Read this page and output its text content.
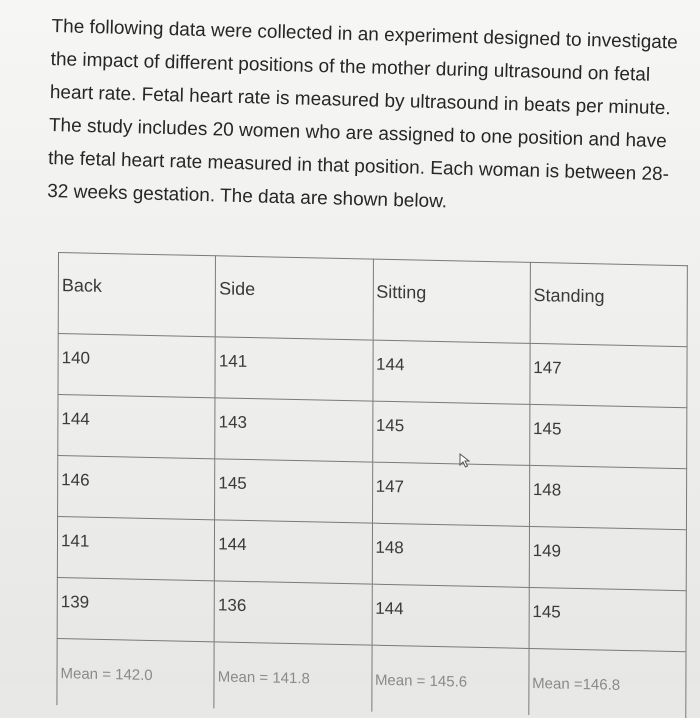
The following data were collected in an experiment designed to investigate the impact of different positions of the mother during ultrasound on fetal heart rate. Fetal heart rate is measured by ultrasound in beats per minute. The study includes 20 women who are assigned to one position and have the fetal heart rate measured in that position. Each woman is between 28-32 weeks gestation. The data are shown below.

Back	Side	Sitting	Standing
140	141	144	147
144	143	145	145
146	145	147	148
141	144	148	149
139	136	144	145
Mean = 142.0	Mean = 141.8	Mean = 145.6	Mean =146.8
